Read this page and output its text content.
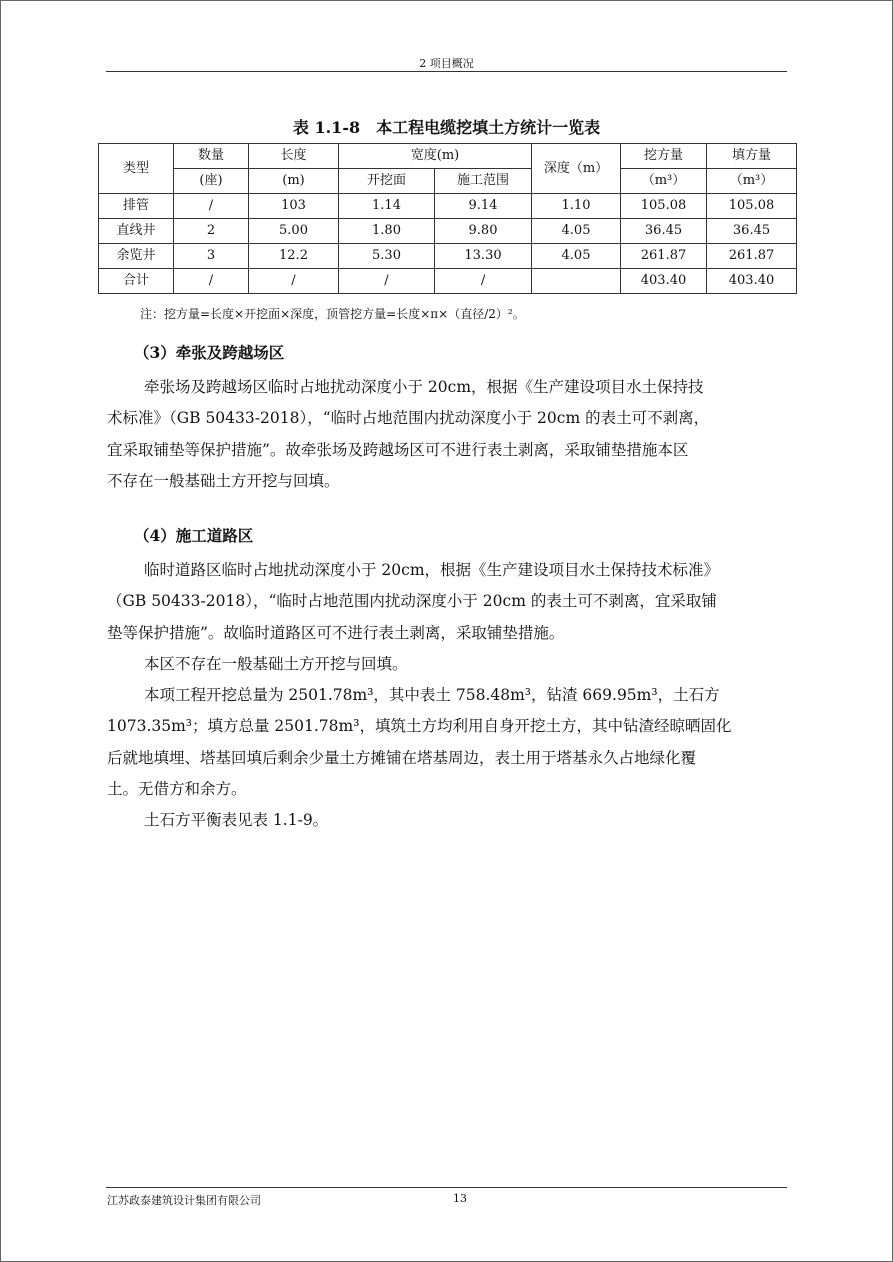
2 项目概况
表 1.1-8　本工程电缆挖填土方统计一览表
类型	数量	长度	宽度(m)		深度（m）	挖方量	填方量
	(座)	(m)	开挖面	施工范围		（m³）	（m³）
排管	/	103	1.14	9.14	1.10	105.08	105.08
直线井	2	5.00	1.80	9.80	4.05	36.45	36.45
余览井	3	12.2	5.30	13.30	4.05	261.87	261.87
合计	/	/	/	/		403.40	403.40
注：挖方量=长度×开挖面×深度，顶管挖方量=长度×π×（直径/2）²。
（3）牵张及跨越场区
牵张场及跨越场区临时占地扰动深度小于 20cm，根据《生产建设项目水土保持技
术标准》（GB 50433-2018），“临时占地范围内扰动深度小于 20cm 的表土可不剥离，
宜采取铺垫等保护措施”。故牵张场及跨越场区可不进行表土剥离，采取铺垫措施本区
不存在一般基础土方开挖与回填。
（4）施工道路区
临时道路区临时占地扰动深度小于 20cm，根据《生产建设项目水土保持技术标准》
（GB 50433-2018），“临时占地范围内扰动深度小于 20cm 的表土可不剥离，宜采取铺
垫等保护措施”。故临时道路区可不进行表土剥离，采取铺垫措施。
本区不存在一般基础土方开挖与回填。
本项工程开挖总量为 2501.78m³，其中表土 758.48m³，钻渣 669.95m³，土石方
1073.35m³；填方总量 2501.78m³，填筑土方均利用自身开挖土方，其中钻渣经晾晒固化
后就地填埋、塔基回填后剩余少量土方摊铺在塔基周边，表土用于塔基永久占地绿化覆
土。无借方和余方。
土石方平衡表见表 1.1-9。
江苏政泰建筑设计集团有限公司	13
